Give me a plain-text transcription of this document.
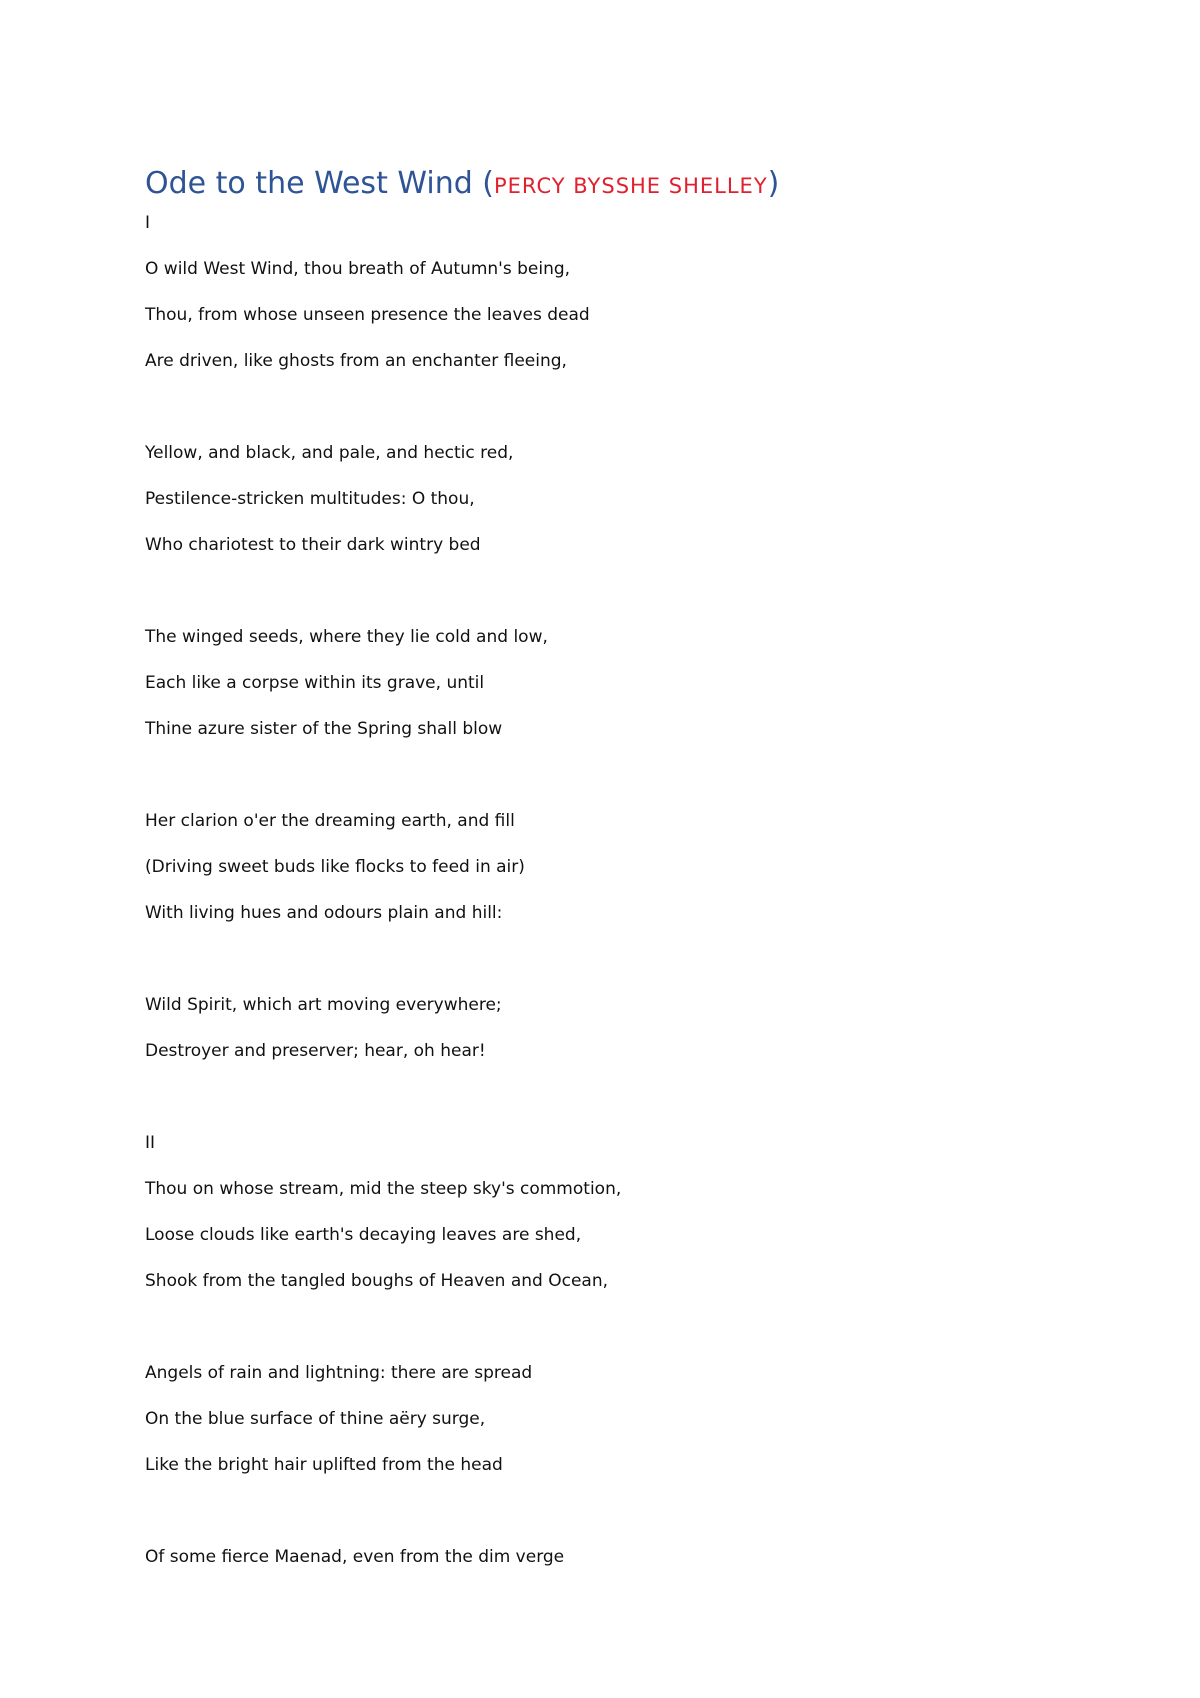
Ode to the West Wind (PERCY BYSSHE SHELLEY)
I
O wild West Wind, thou breath of Autumn's being,
Thou, from whose unseen presence the leaves dead
Are driven, like ghosts from an enchanter fleeing,
Yellow, and black, and pale, and hectic red,
Pestilence-stricken multitudes: O thou,
Who chariotest to their dark wintry bed
The winged seeds, where they lie cold and low,
Each like a corpse within its grave, until
Thine azure sister of the Spring shall blow
Her clarion o'er the dreaming earth, and fill
(Driving sweet buds like flocks to feed in air)
With living hues and odours plain and hill:
Wild Spirit, which art moving everywhere;
Destroyer and preserver; hear, oh hear!
II
Thou on whose stream, mid the steep sky's commotion,
Loose clouds like earth's decaying leaves are shed,
Shook from the tangled boughs of Heaven and Ocean,
Angels of rain and lightning: there are spread
On the blue surface of thine aëry surge,
Like the bright hair uplifted from the head
Of some fierce Maenad, even from the dim verge
